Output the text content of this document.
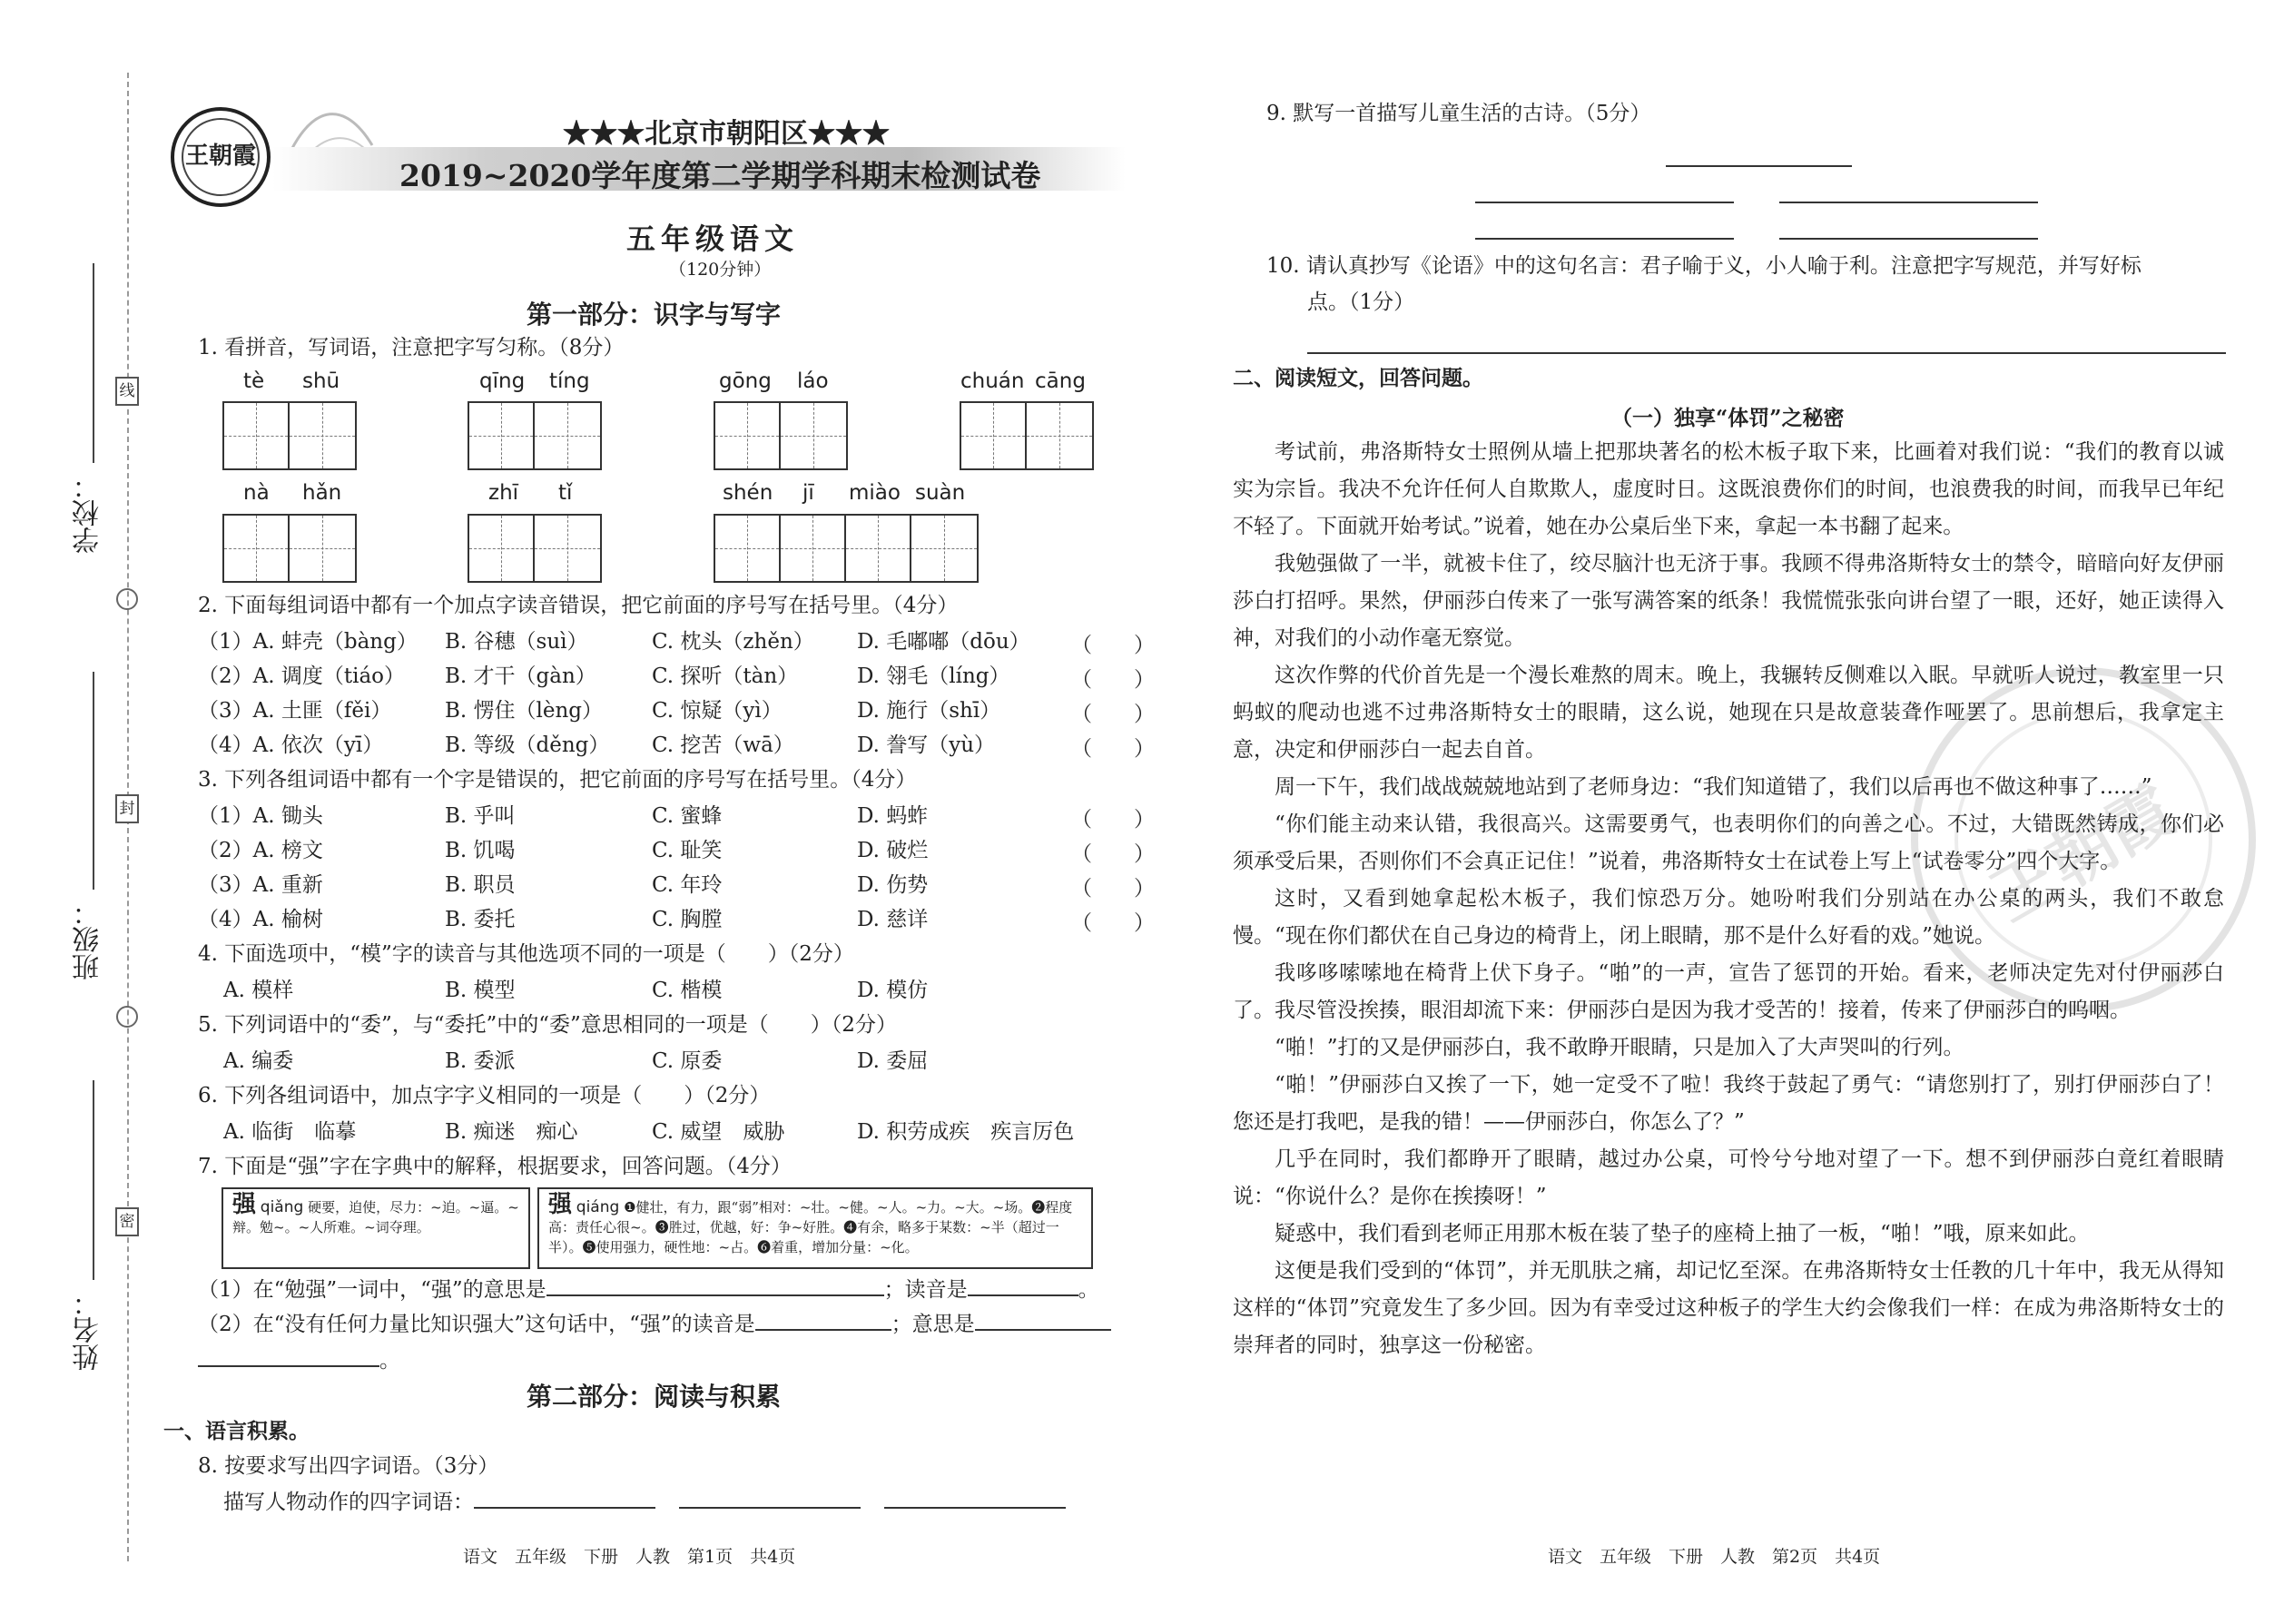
线
封
密
学校：
班级：
姓名：
王朝霞
★★★北京市朝阳区★★★
2019~2020学年度第二学期学科期末检测试卷
五年级语文
（120分钟）
第一部分：识字与写字
1. 看拼音，写词语，注意把字写匀称。（8分）
tè shū	qīng tíng	gōng láo	chuán cāng
nà hǎn	zhī tǐ	shén jī miào suàn
2. 下面每组词语中都有一个加点字读音错误，把它前面的序号写在括号里。（4分）
（1）A. 蚌壳（bàng） B. 谷穗（suì）	C. 枕头（zhěn） D. 毛嘟嘟（dōu） （　　）
（2）A. 调度（tiáo） B. 才干（gàn）	C. 探听（tàn）	D. 翎毛（líng）	（　　）
（3）A. 土匪（fěi）	B. 愣住（lèng） C. 惊疑（yì）	D. 施行（shī）	（　　）
（4）A. 依次（yī）	B. 等级（děng） C. 挖苦（wā）	D. 誊写（yù）	（　　）
3. 下列各组词语中都有一个字是错误的，把它前面的序号写在括号里。（4分）
（1）A. 锄头	B. 乎叫	C. 蜜蜂	D. 蚂蚱	（　　）
（2）A. 榜文	B. 饥喝	C. 耻笑	D. 破烂	（　　）
（3）A. 重新	B. 职员	C. 年玲	D. 伤势	（　　）
（4）A. 榆树	B. 委托	C. 胸膛	D. 慈详	（　　）
4. 下面选项中，“模”字的读音与其他选项不同的一项是（　　）（2分）
A. 模样	B. 模型	C. 楷模	D. 模仿
5. 下列词语中的“委”，与“委托”中的“委”意思相同的一项是（　　）（2分）
A. 编委	B. 委派	C. 原委	D. 委屈
6. 下列各组词语中，加点字字义相同的一项是（　　）（2分）
A. 临街　临摹	B. 痴迷　痴心	C. 威望　威胁	D. 积劳成疾　疾言厉色
7. 下面是“强”字在字典中的解释，根据要求，回答问题。（4分）
强 qiǎng 硬要，迫使，尽力：~迫。~逼。~辩。勉~。~人所难。~词夺理。
强 qiáng ❶健壮，有力，跟“弱”相对：~壮。~健。~人。~力。~大。~场。❷程度高：责任心很~。❸胜过，优越，好：争~好胜。❹有余，略多于某数：~半（超过一半）。❺使用强力，硬性地：~占。❻着重，增加分量：~化。
（1）在“勉强”一词中，“强”的意思是	；读音是	。
（2）在“没有任何力量比知识强大”这句话中，“强”的读音是	；意思是
。
第二部分：阅读与积累
一、语言积累。
8. 按要求写出四字词语。（3分）
描写人物动作的四字词语：
语文　五年级　下册　人教　第1页　共4页
9. 默写一首描写儿童生活的古诗。（5分）
10. 请认真抄写《论语》中的这句名言：君子喻于义，小人喻于利。注意把字写规范，并写好标
点。（1分）
二、阅读短文，回答问题。
（一）独享“体罚”之秘密
王朝霞

考试前，弗洛斯特女士照例从墙上把那块著名的松木板子取下来，比画着对我们说：“我们的教育以诚实为宗旨。我决不允许任何人自欺欺人，虚度时日。这既浪费你们的时间，也浪费我的时间，而我早已年纪不轻了。下面就开始考试。”说着，她在办公桌后坐下来，拿起一本书翻了起来。

我勉强做了一半，就被卡住了，绞尽脑汁也无济于事。我顾不得弗洛斯特女士的禁令，暗暗向好友伊丽莎白打招呼。果然，伊丽莎白传来了一张写满答案的纸条！我慌慌张张向讲台望了一眼，还好，她正读得入神，对我们的小动作毫无察觉。

这次作弊的代价首先是一个漫长难熬的周末。晚上，我辗转反侧难以入眠。早就听人说过，教室里一只蚂蚁的爬动也逃不过弗洛斯特女士的眼睛，这么说，她现在只是故意装聋作哑罢了。思前想后，我拿定主意，决定和伊丽莎白一起去自首。

周一下午，我们战战兢兢地站到了老师身边：“我们知道错了，我们以后再也不做这种事了……”

“你们能主动来认错，我很高兴。这需要勇气，也表明你们的向善之心。不过，大错既然铸成，你们必须承受后果，否则你们不会真正记住！”说着，弗洛斯特女士在试卷上写上“试卷零分”四个大字。

这时，又看到她拿起松木板子，我们惊恐万分。她吩咐我们分别站在办公桌的两头，我们不敢怠慢。“现在你们都伏在自己身边的椅背上，闭上眼睛，那不是什么好看的戏。”她说。

我哆哆嗦嗦地在椅背上伏下身子。“啪”的一声，宣告了惩罚的开始。看来，老师决定先对付伊丽莎白了。我尽管没挨揍，眼泪却流下来：伊丽莎白是因为我才受苦的！接着，传来了伊丽莎白的呜咽。

“啪！”打的又是伊丽莎白，我不敢睁开眼睛，只是加入了大声哭叫的行列。

“啪！”伊丽莎白又挨了一下，她一定受不了啦！我终于鼓起了勇气：“请您别打了，别打伊丽莎白了！您还是打我吧，是我的错！——伊丽莎白，你怎么了？”

几乎在同时，我们都睁开了眼睛，越过办公桌，可怜兮兮地对望了一下。想不到伊丽莎白竟红着眼睛说：“你说什么？是你在挨揍呀！”

疑惑中，我们看到老师正用那木板在装了垫子的座椅上抽了一板，“啪！”哦，原来如此。

这便是我们受到的“体罚”，并无肌肤之痛，却记忆至深。在弗洛斯特女士任教的几十年中，我无从得知这样的“体罚”究竟发生了多少回。因为有幸受过这种板子的学生大约会像我们一样：在成为弗洛斯特女士的崇拜者的同时，独享这一份秘密。

语文　五年级　下册　人教　第2页　共4页
